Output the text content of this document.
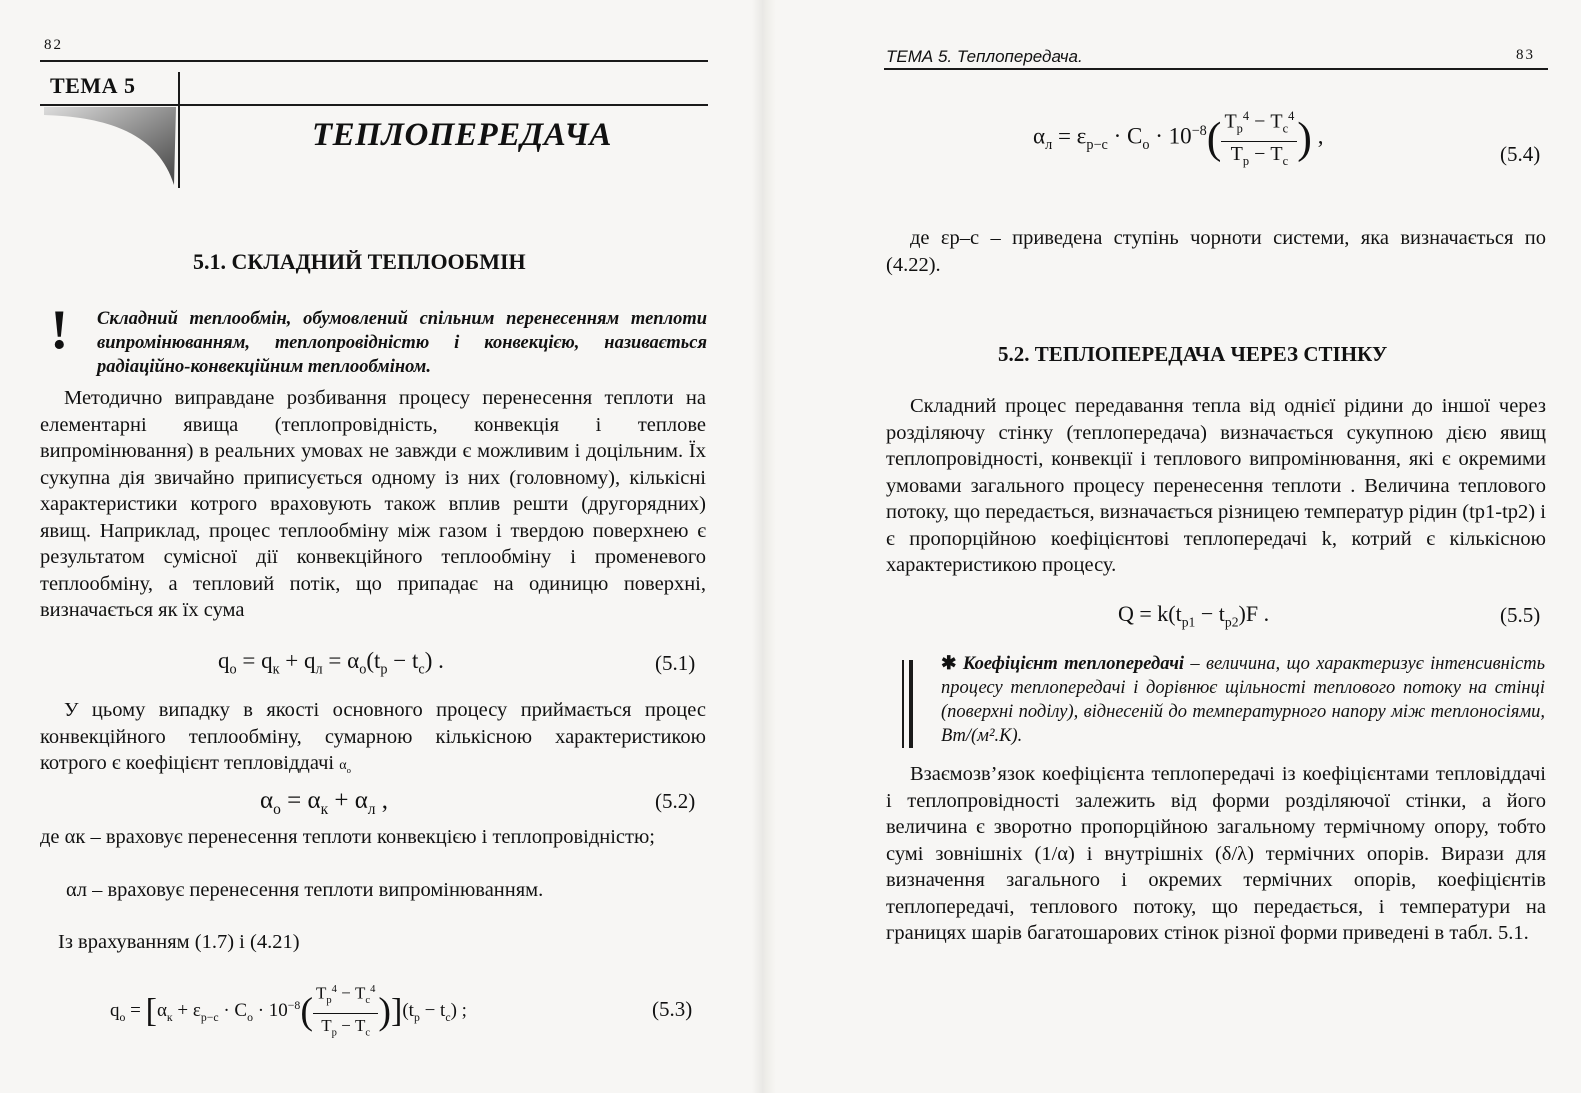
82
ТЕМА 5
ТЕПЛОПЕРЕДАЧА
5.1. СКЛАДНИЙ ТЕПЛООБМІН
! Складний теплообмін, обумовлений спільним перенесенням теплоти випромінюванням, теплопровідністю і конвекцією, називається радіаційно-конвекційним теплообміном.
Методично виправдане розбивання процесу перенесення теплоти на елементарні явища (теплопровідність, конвекція і теплове випромінювання) в реальних умовах не завжди є можливим і доцільним. Їх сукупна дія звичайно приписується одному із них (головному), кількісні характеристики котрого враховують також вплив решти (другорядних) явищ. Наприклад, процес теплообміну між газом і твердою поверхнею є результатом сумісної дії конвекційного теплообміну і променевого теплообміну, а тепловий потік, що припадає на одиницю поверхні, визначається як їх сума
$q_о = q_к + q_л = \alpha_о(t_р - t_с)$ .	(5.1)
У цьому випадку в якості основного процесу приймається процес конвекційного теплообміну, сумарною кількісною характеристикою котрого є коефіцієнт тепловіддачі $\alpha_о$
$\alpha_о = \alpha_к + \alpha_л$ ,	(5.2)
де αк – враховує перенесення теплоти конвекцією і теплопровідністю;
αл – враховує перенесення теплоти випромінюванням.
Із врахуванням (1.7) і (4.21)
$q_о = [\alpha_к + \varepsilon_{р-с} \cdot C_о \cdot 10^{-8}( \frac{T_р^4 - T_с^4}{T_р - T_с} )](t_р - t_с)$ ;	(5.3)
ТЕМА 5. Теплопередача.	83
$\alpha_л = \varepsilon_{р-с} \cdot C_о \cdot 10^{-8}( \frac{T_р^4 - T_с^4}{T_р - T_с}$ ) ,
(5.4)
де εр–с – приведена ступінь чорноти системи, яка визначається по (4.22).
5.2. ТЕПЛОПЕРЕДАЧА ЧЕРЕЗ СТІНКУ
Складний процес передавання тепла від однієї рідини до іншої через розділяючу стінку (теплопередача) визначається сукупною дією явищ теплопровідності, конвекції і теплового випромінювання, які є окремими умовами загального процесу перенесення теплоти . Величина теплового потоку, що передається, визначається різницею температур рідин (tр1-tр2) і є пропорційною коефіцієнтові теплопередачі k, котрий є кількісною характеристикою процесу.
$Q = k(t_{р1} - t_{р2})F$ .	(5.5)
✱ Коефіцієнт теплопередачі – величина, що характеризує інтенсивність процесу теплопередачі і дорівнює щільності теплового потоку на стінці (поверхні поділу), віднесеній до температурного напору між теплоносіями, Вт/(м².К).
Взаємозв’язок коефіцієнта теплопередачі із коефіцієнтами тепловіддачі і теплопровідності залежить від форми розділяючої стінки, а його величина є зворотно пропорційною загальному термічному опору, тобто сумі зовнішніх (1/α) і внутрішніх (δ/λ) термічних опорів. Вирази для визначення загального і окремих термічних опорів, коефіцієнтів теплопередачі, теплового потоку, що передається, і температури на границях шарів багатошарових стінок різної форми приведені в табл. 5.1.
